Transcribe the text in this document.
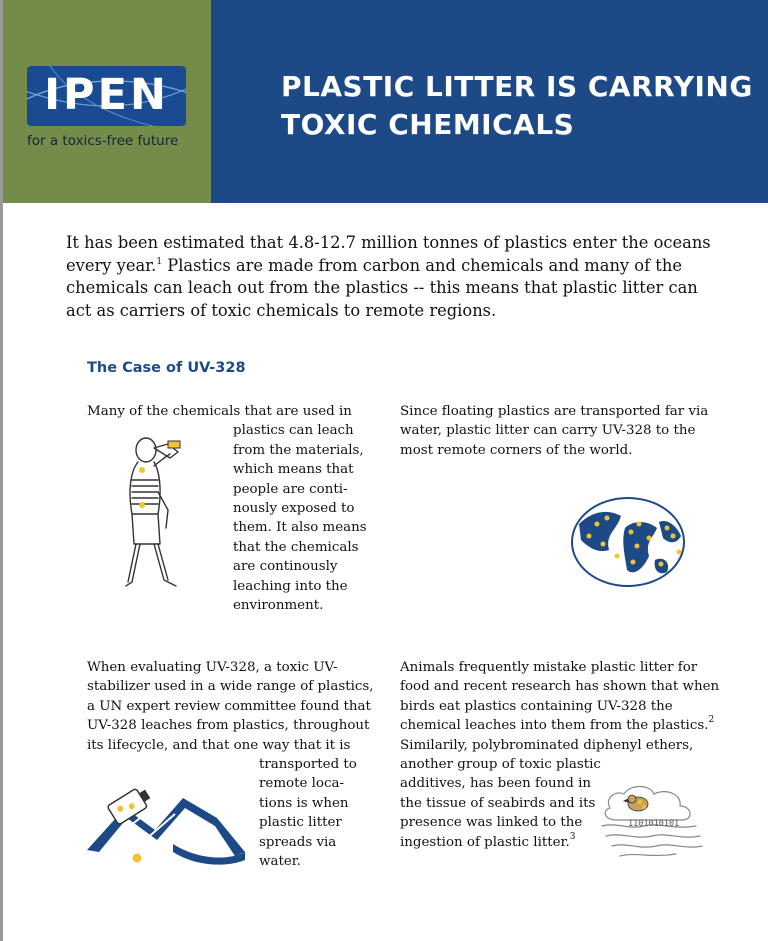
IPEN
for a toxics-free future
PLASTIC LITTER IS CARRYING
TOXIC CHEMICALS
It has been estimated that 4.8-12.7 million tonnes of plastics enter the oceans
every year.$^1$ Plastics are made from carbon and chemicals and many of the
chemicals can leach out from the plastics -- this means that plastic litter can
act as carriers of toxic chemicals to remote regions.
The Case of UV-328
Many of the chemicals that are used in
plastics can leach
from the materials,
which means that
people are conti-
nously exposed to
them. It also means
that the chemicals
are continously
leaching into the
environment.
Since floating plastics are transported far via
water, plastic litter can carry UV-328 to the
most remote corners of the world.
When evaluating UV-328, a toxic UV-
stabilizer used in a wide range of plastics,
a UN expert review committee found that
UV-328 leaches from plastics, throughout
its lifecycle, and that one way that it is
transported to
remote loca-
tions is when
plastic litter
spreads via
water.
Animals frequently mistake plastic litter for
food and recent research has shown that when
birds eat plastics containing UV-328 the
chemical leaches into them from the plastics.$^2$
Similarily, polybrominated diphenyl ethers,
another group of toxic plastic
additives, has been found in
the tissue of seabirds and its
presence was linked to the
ingestion of plastic litter.$^3$
1101010101
